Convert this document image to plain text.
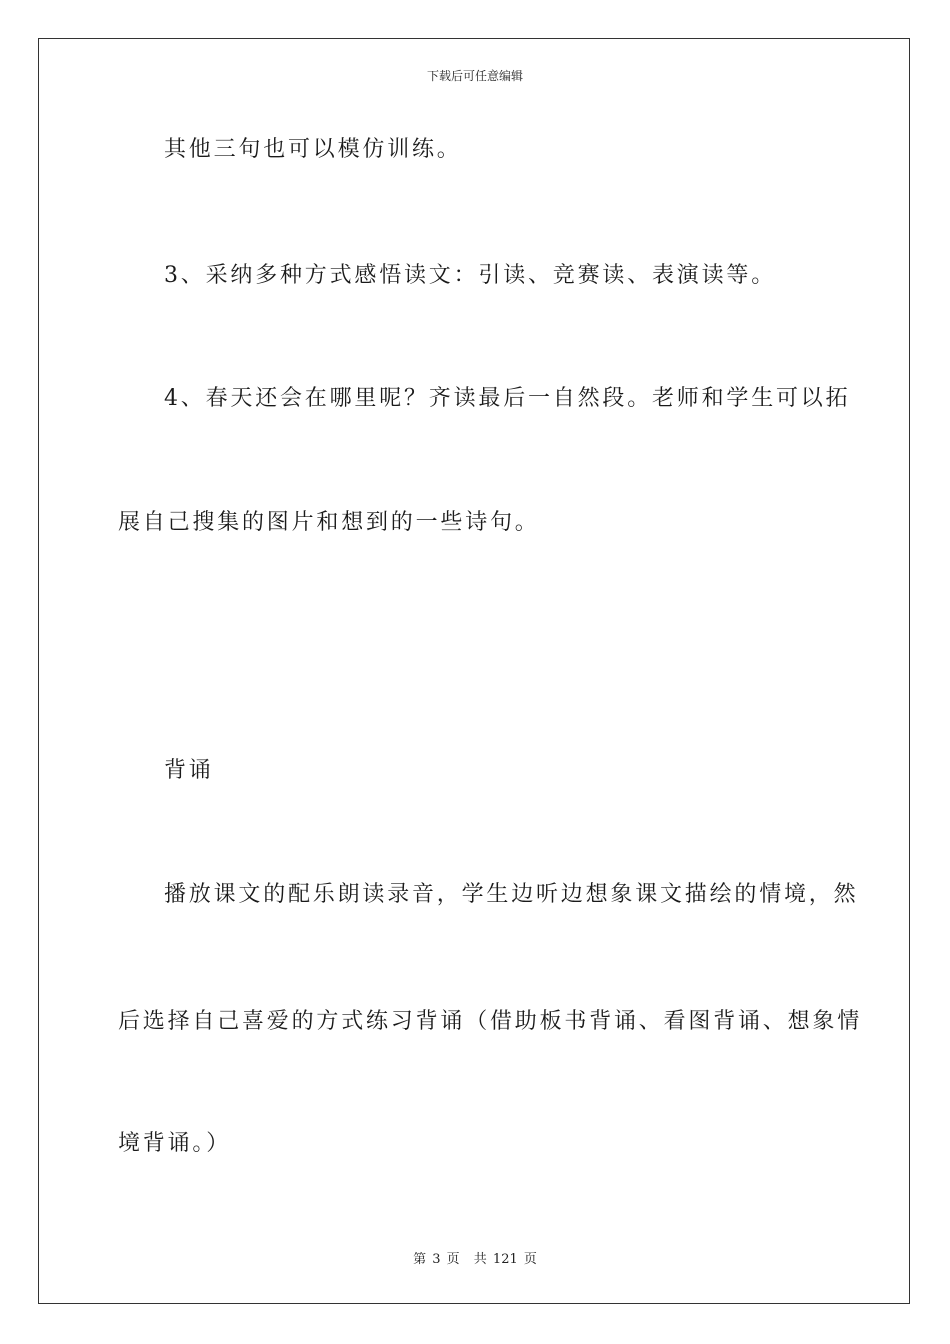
下载后可任意编辑
其他三句也可以模仿训练。
3、采纳多种方式感悟读文：引读、竞赛读、表演读等。
4、春天还会在哪里呢？齐读最后一自然段。老师和学生可以拓
展自己搜集的图片和想到的一些诗句。
背诵
播放课文的配乐朗读录音，学生边听边想象课文描绘的情境，然
后选择自己喜爱的方式练习背诵（借助板书背诵、看图背诵、想象情
境背诵。）
第 3 页 共 121 页
